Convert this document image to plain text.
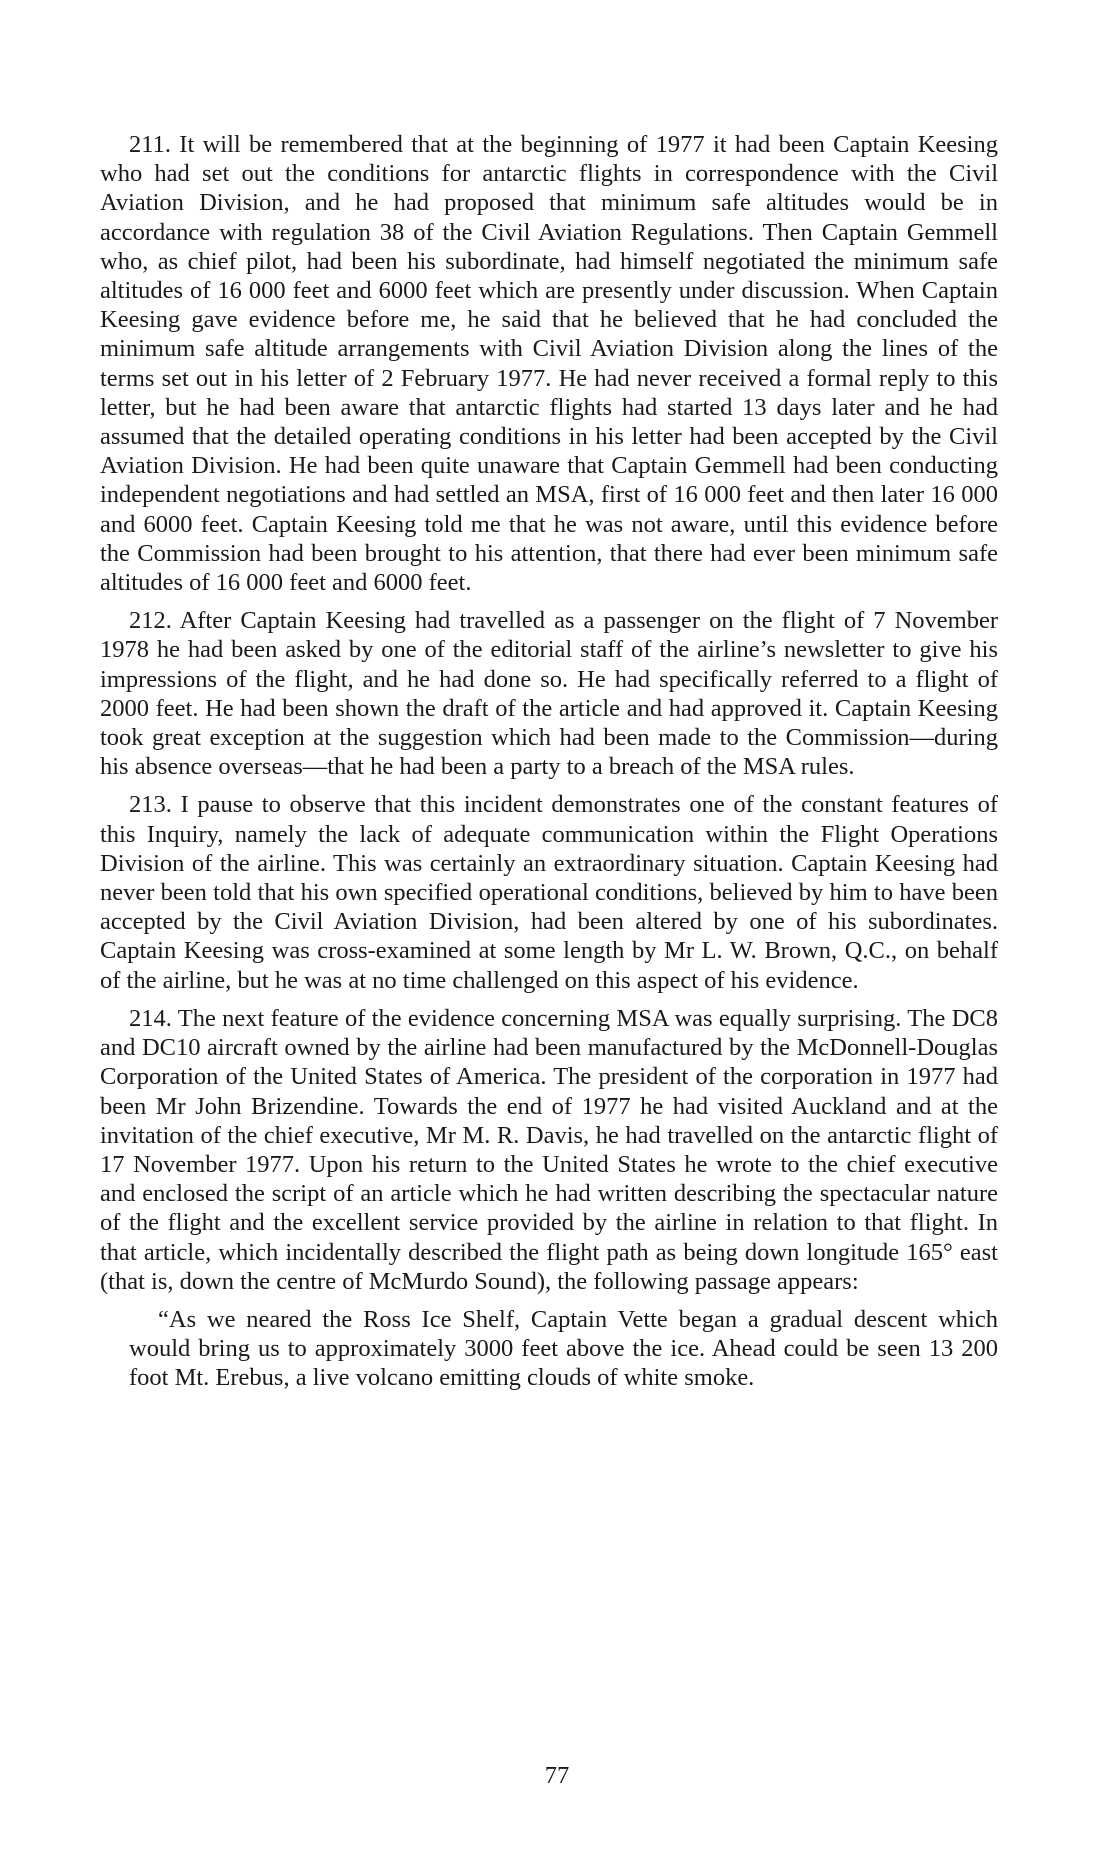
211. It will be remembered that at the beginning of 1977 it had been Captain Keesing who had set out the conditions for antarctic flights in correspondence with the Civil Aviation Division, and he had proposed that minimum safe altitudes would be in accordance with regulation 38 of the Civil Aviation Regulations. Then Captain Gemmell who, as chief pilot, had been his subordinate, had himself negotiated the minimum safe altitudes of 16 000 feet and 6000 feet which are presently under discussion. When Captain Keesing gave evidence before me, he said that he believed that he had concluded the minimum safe altitude arrangements with Civil Aviation Division along the lines of the terms set out in his letter of 2 February 1977. He had never received a formal reply to this letter, but he had been aware that antarctic flights had started 13 days later and he had assumed that the detailed operating conditions in his letter had been accepted by the Civil Aviation Division. He had been quite unaware that Captain Gemmell had been conducting independent negotiations and had settled an MSA, first of 16 000 feet and then later 16 000 and 6000 feet. Captain Keesing told me that he was not aware, until this evidence before the Commission had been brought to his attention, that there had ever been minimum safe altitudes of 16 000 feet and 6000 feet.

212. After Captain Keesing had travelled as a passenger on the flight of 7 November 1978 he had been asked by one of the editorial staff of the airline’s newsletter to give his impressions of the flight, and he had done so. He had specifically referred to a flight of 2000 feet. He had been shown the draft of the article and had approved it. Captain Keesing took great exception at the suggestion which had been made to the Commission—during his absence overseas—that he had been a party to a breach of the MSA rules.

213. I pause to observe that this incident demonstrates one of the constant features of this Inquiry, namely the lack of adequate communication within the Flight Operations Division of the airline. This was certainly an extraordinary situation. Captain Keesing had never been told that his own specified operational conditions, believed by him to have been accepted by the Civil Aviation Division, had been altered by one of his subordinates. Captain Keesing was cross-examined at some length by Mr L. W. Brown, Q.C., on behalf of the airline, but he was at no time challenged on this aspect of his evidence.

214. The next feature of the evidence concerning MSA was equally surprising. The DC8 and DC10 aircraft owned by the airline had been manufactured by the McDonnell-Douglas Corporation of the United States of America. The president of the corporation in 1977 had been Mr John Brizendine. Towards the end of 1977 he had visited Auckland and at the invitation of the chief executive, Mr M. R. Davis, he had travelled on the antarctic flight of 17 November 1977. Upon his return to the United States he wrote to the chief executive and enclosed the script of an article which he had written describing the spectacular nature of the flight and the excellent service provided by the airline in relation to that flight. In that article, which incidentally described the flight path as being down longitude 165° east (that is, down the centre of McMurdo Sound), the following passage appears:

“As we neared the Ross Ice Shelf, Captain Vette began a gradual descent which would bring us to approximately 3000 feet above the ice. Ahead could be seen 13 200 foot Mt. Erebus, a live volcano emitting clouds of white smoke.

77
